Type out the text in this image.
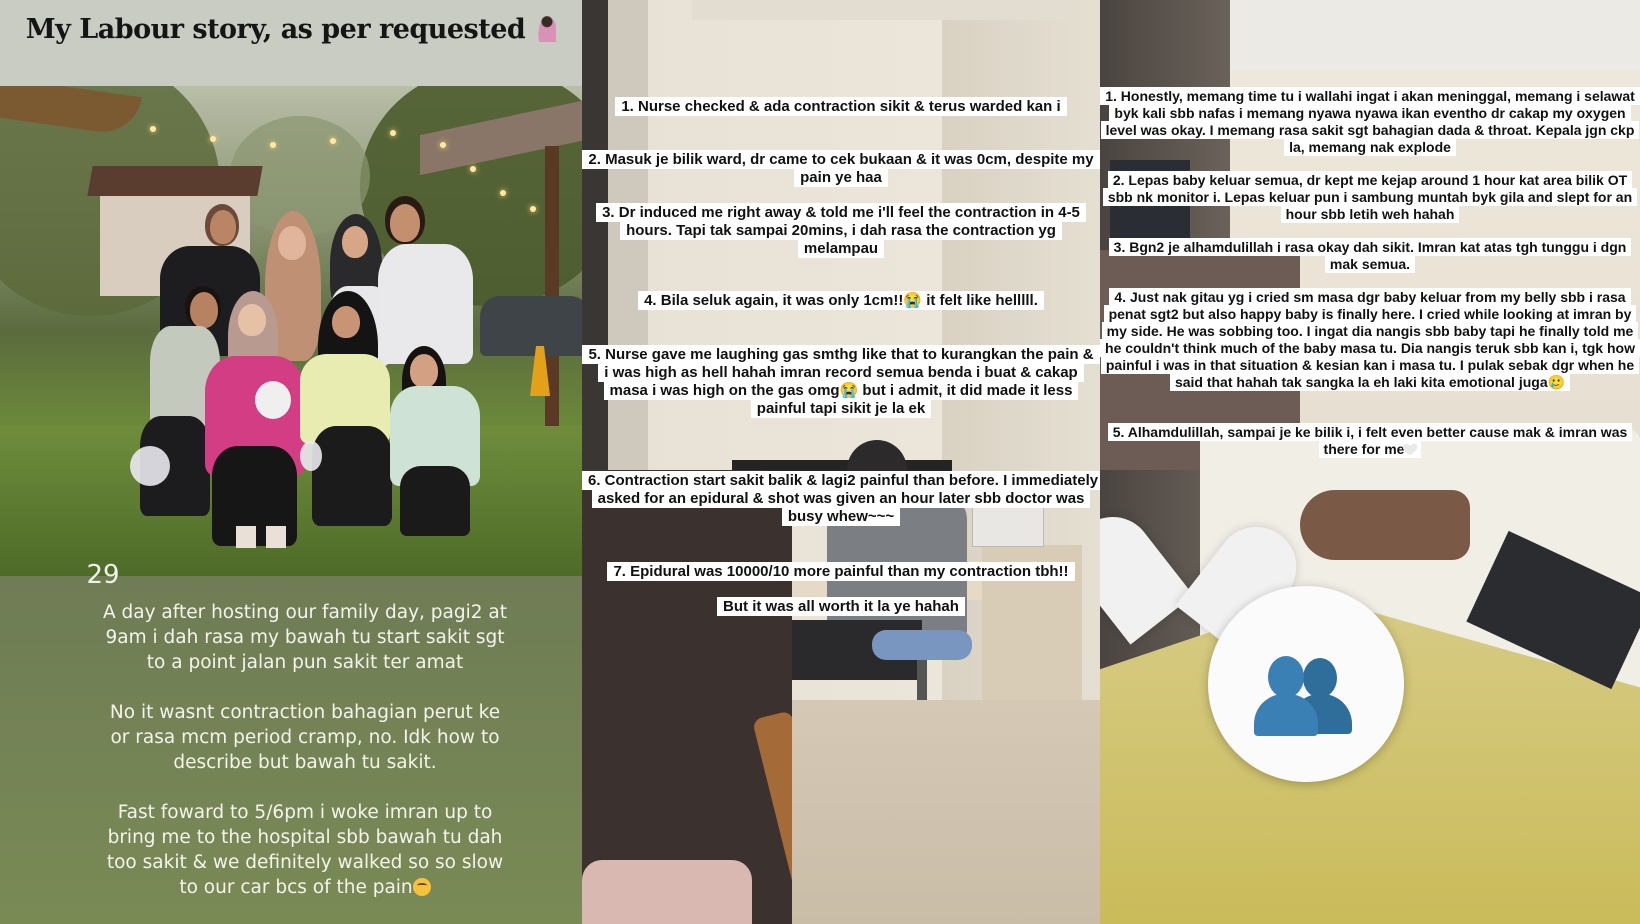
My Labour story, as per requested
29
A day after hosting our family day, pagi2 at 9am i dah rasa my bawah tu start sakit sgt to a point jalan pun sakit ter amat
No it wasnt contraction bahagian perut ke or rasa mcm period cramp, no. Idk how to describe but bawah tu sakit.
Fast foward to 5/6pm i woke imran up to bring me to the hospital sbb bawah tu dah too sakit & we definitely walked so so slow to our car bcs of the pain
1. Nurse checked & ada contraction sikit & terus warded kan i
2. Masuk je bilik ward, dr came to cek bukaan & it was 0cm, despite my pain ye haa
3. Dr induced me right away & told me i'll feel the contraction in 4-5 hours. Tapi tak sampai 20mins, i dah rasa the contraction yg melampau
4. Bila seluk again, it was only 1cm!!😭 it felt like helllll.
5. Nurse gave me laughing gas smthg like that to kurangkan the pain & i was high as hell hahah imran record semua benda i buat & cakap masa i was high on the gas omg😭 but i admit, it did made it less painful tapi sikit je la ek
6. Contraction start sakit balik & lagi2 painful than before. I immediately asked for an epidural & shot was given an hour later sbb doctor was busy whew~~~
7. Epidural was 10000/10 more painful than my contraction tbh!!
But it was all worth it la ye hahah
1. Honestly, memang time tu i wallahi ingat i akan meninggal, memang i selawat byk kali sbb nafas i memang nyawa nyawa ikan eventho dr cakap my oxygen level was okay. I memang rasa sakit sgt bahagian dada & throat. Kepala jgn ckp la, memang nak explode
2. Lepas baby keluar semua, dr kept me kejap around 1 hour kat area bilik OT sbb nk monitor i. Lepas keluar pun i sambung muntah byk gila and slept for an hour sbb letih weh hahah
3. Bgn2 je alhamdulillah i rasa okay dah sikit. Imran kat atas tgh tunggu i dgn mak semua.
4. Just nak gitau yg i cried sm masa dgr baby keluar from my belly sbb i rasa penat sgt2 but also happy baby is finally here. I cried while looking at imran by my side. He was sobbing too. I ingat dia nangis sbb baby tapi he finally told me he couldn't think much of the baby masa tu. Dia nangis teruk sbb kan i, tgk how painful i was in that situation & kesian kan i masa tu. I pulak sebak dgr when he said that hahah tak sangka la eh laki kita emotional juga🥲
5. Alhamdulillah, sampai je ke bilik i, i felt even better cause mak & imran was there for me
